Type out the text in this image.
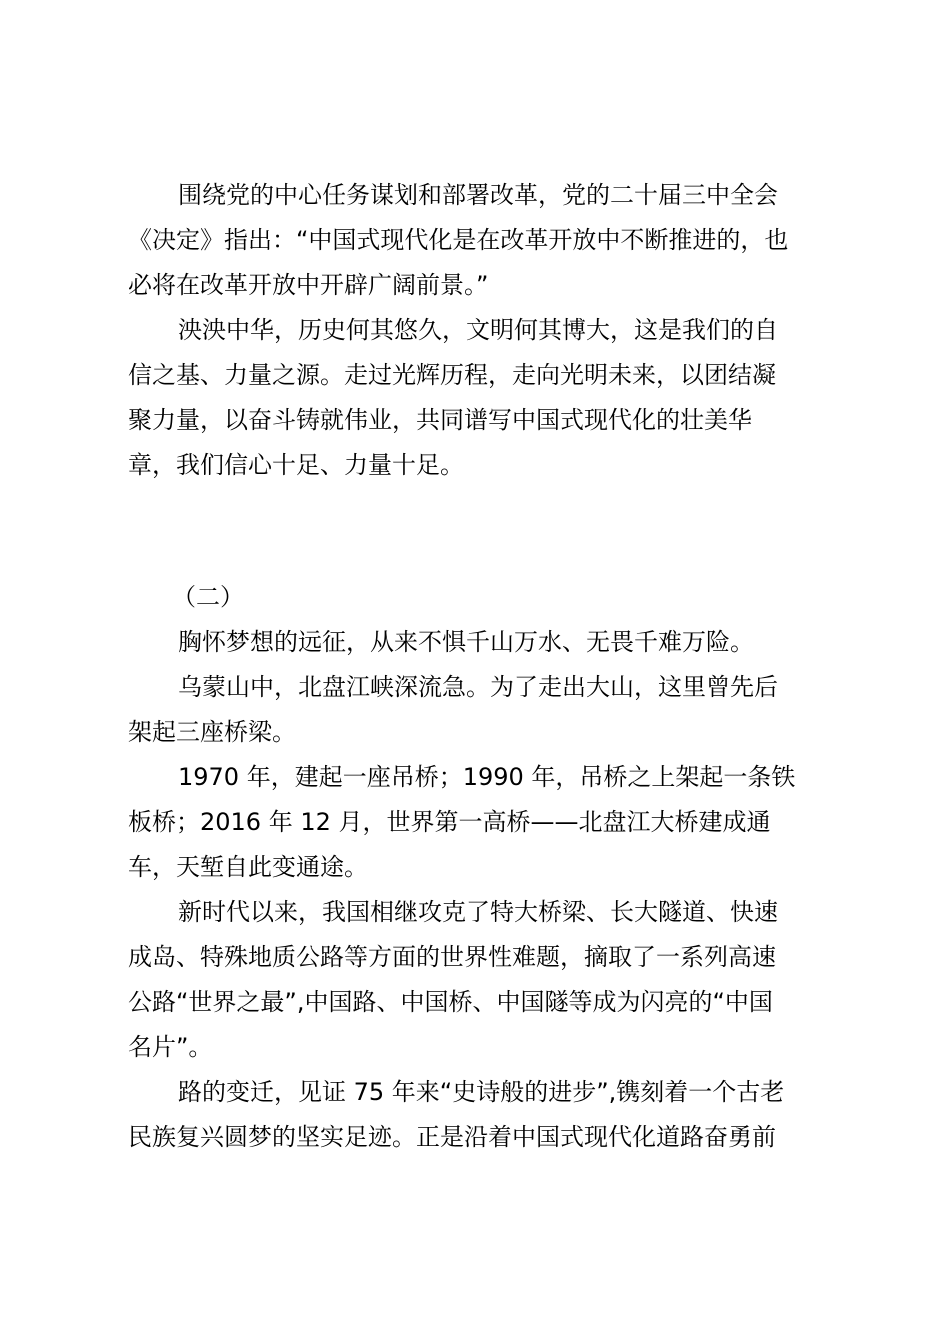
围绕党的中心任务谋划和部署改革，党的二十届三中全会
《决定》指出：“中国式现代化是在改革开放中不断推进的，也
必将在改革开放中开辟广阔前景。”
泱泱中华，历史何其悠久，文明何其博大，这是我们的自
信之基、力量之源。走过光辉历程，走向光明未来，以团结凝
聚力量，以奋斗铸就伟业，共同谱写中国式现代化的壮美华
章，我们信心十足、力量十足。
（二）
胸怀梦想的远征，从来不惧千山万水、无畏千难万险。
乌蒙山中，北盘江峡深流急。为了走出大山，这里曾先后
架起三座桥梁。
1970 年，建起一座吊桥；1990 年，吊桥之上架起一条铁
板桥；2016 年 12 月，世界第一高桥——北盘江大桥建成通
车，天堑自此变通途。
新时代以来，我国相继攻克了特大桥梁、长大隧道、快速
成岛、特殊地质公路等方面的世界性难题，摘取了一系列高速
公路“世界之最”,中国路、中国桥、中国隧等成为闪亮的“中国
名片”。
路的变迁，见证 75 年来“史诗般的进步”,镌刻着一个古老
民族复兴圆梦的坚实足迹。正是沿着中国式现代化道路奋勇前
